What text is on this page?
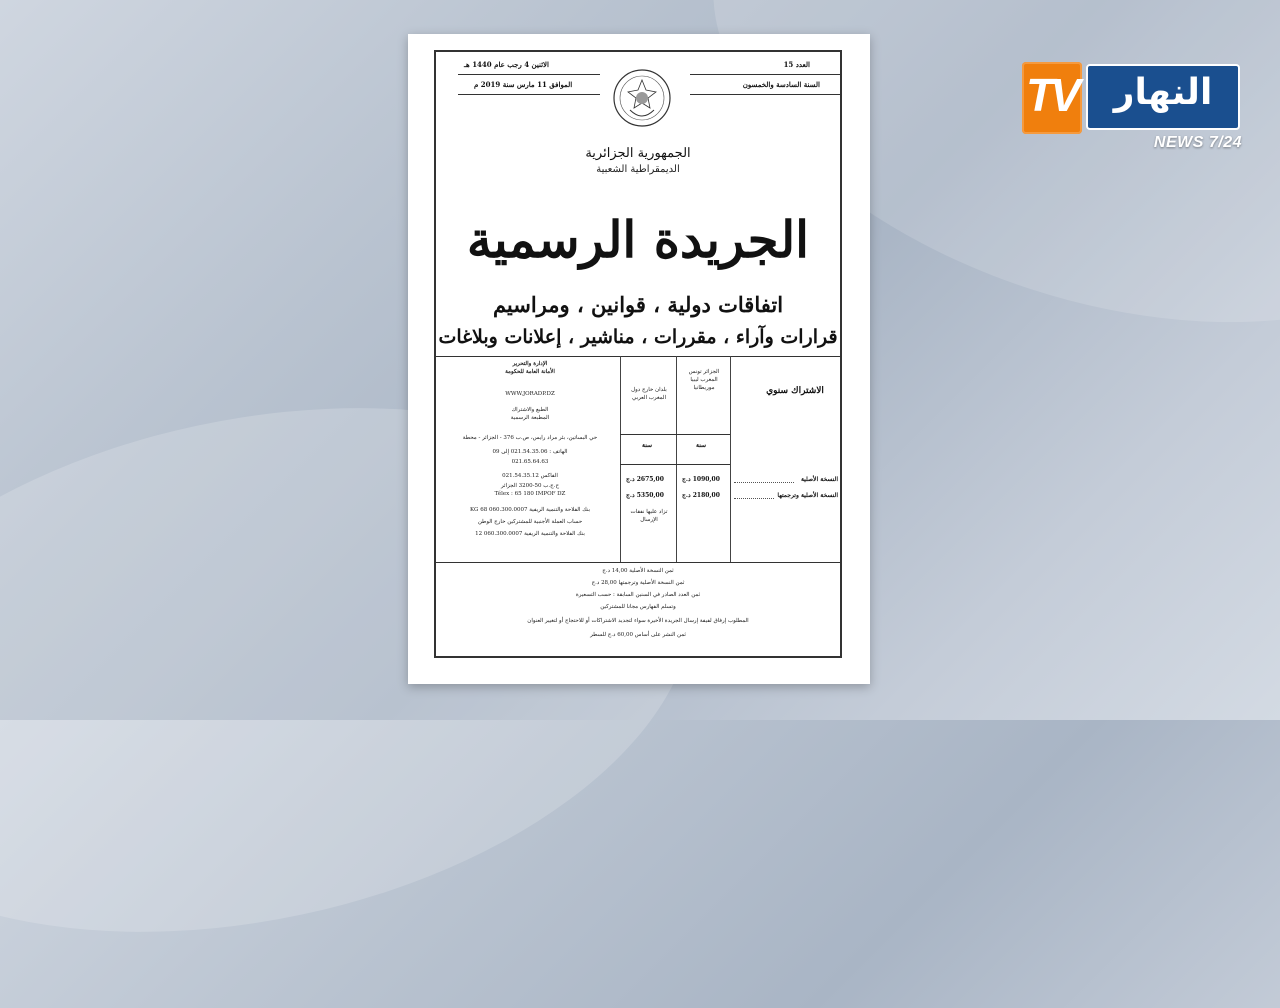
الاثنين 4 رجب عام 1440 هـ
الموافق 11 مارس سنة 2019 م
العدد 15
السنة السادسة والخمسون
الجمهورية الجزائرية
الديمقراطية الشعبية
الجريدة الرسمية
اتفاقات دولية ، قوانين ، ومراسيم
قرارات وآراء ، مقررات ، مناشير ، إعلانات وبلاغات
الاشتراك سنوي
الجزائر تونس المغرب ليبيا موريطانيا
بلدان خارج دول المغرب العربي
سنة
سنة
النسخة الأصلية
النسخة الأصلية وترجمتها
1090,00 د.ج
2180,00 د.ج
2675,00 د.ج
5350,00 د.ج
تزاد عليها نفقات الإرسال
الإدارة والتحرير
الأمانة العامة للحكومة
WWW.JORADP.DZ
الطبع والاشتراك
المطبعة الرسمية
حي البساتين، بئر مراد رايس، ص.ب 376 - الجزائر - محطة
الهاتف : 021.54.35.06 إلى 09
021.65.64.63
الفاكس 021.54.35.12
ح.ج.ب 50-3200 الجزائر
Télex : 65 180 IMPOF DZ
بنك الفلاحة والتنمية الريفية 060.300.0007 68 KG
حساب العملة الأجنبية للمشتركين خارج الوطن
بنك الفلاحة والتنمية الريفية 060.300.0007 12
ثمن النسخة الأصلية 14,00 د.ج
ثمن النسخة الأصلية وترجمتها 28,00 د.ج
ثمن العدد الصادر في السنين السابقة : حسب التسعيرة
وتسلم الفهارس مجانا للمشتركين
المطلوب إرفاق لفيفة إرسال الجريدة الأخيرة سواء لتجديد الاشتراكات أو للاحتجاج أو لتغيير العنوان
ثمن النشر على أساس 60,00 د.ج للسطر
TV	النهار
NEWS 7/24
